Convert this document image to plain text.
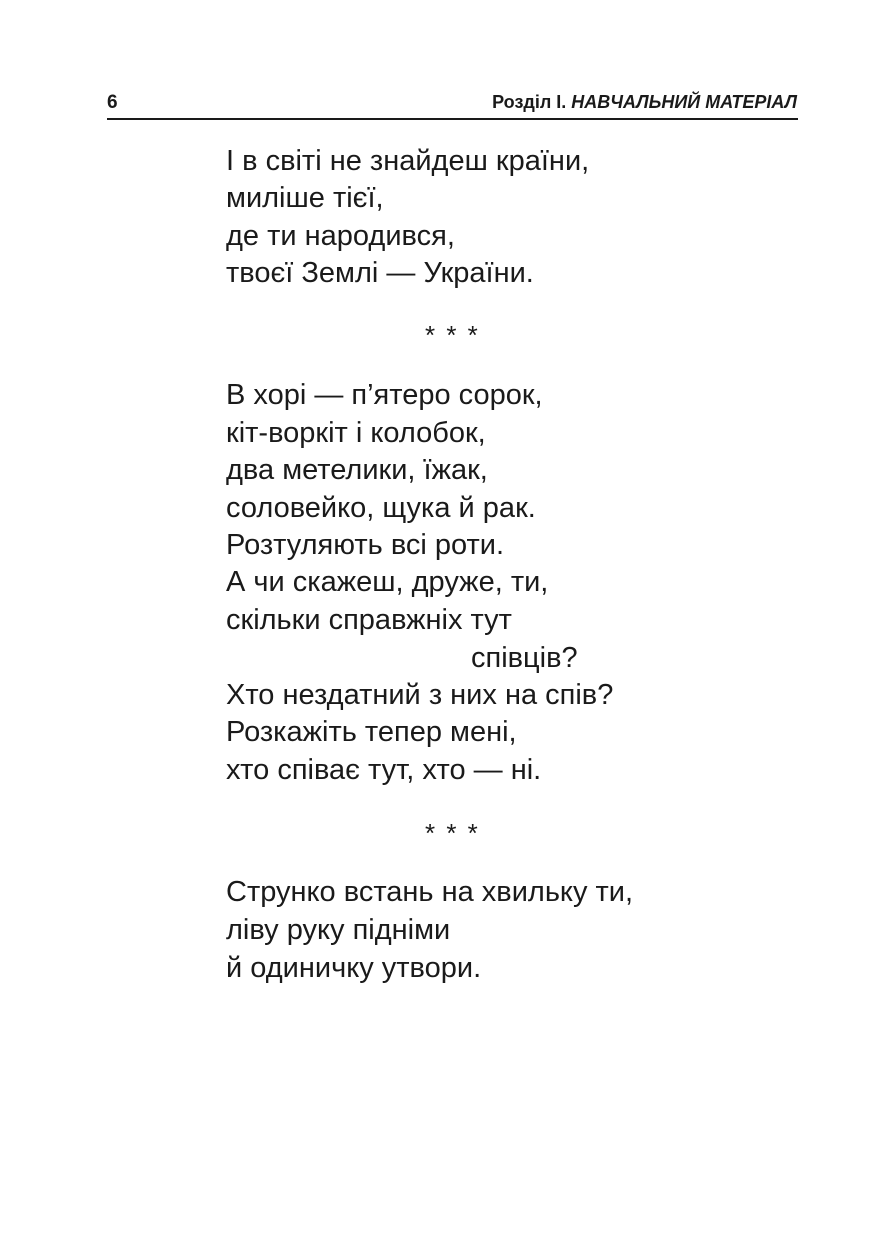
6	Розділ I. НАВЧАЛЬНИЙ МАТЕРІАЛ
І в світі не знайдеш країни,
миліше тієї,
де ти народився,
твоєї Землі — України.
В хорі — п’ятеро сорок,
кіт-воркіт і колобок,
два метелики, їжак,
соловейко, щука й рак.
Розтуляють всі роти.
А чи скажеш, друже, ти,
скільки справжніх тут
співців?
Хто нездатний з них на спів?
Розкажіть тепер мені,
хто співає тут, хто — ні.
Струнко встань на хвильку ти,
ліву руку підніми
й одиничку утвори.
* * *
* * *
